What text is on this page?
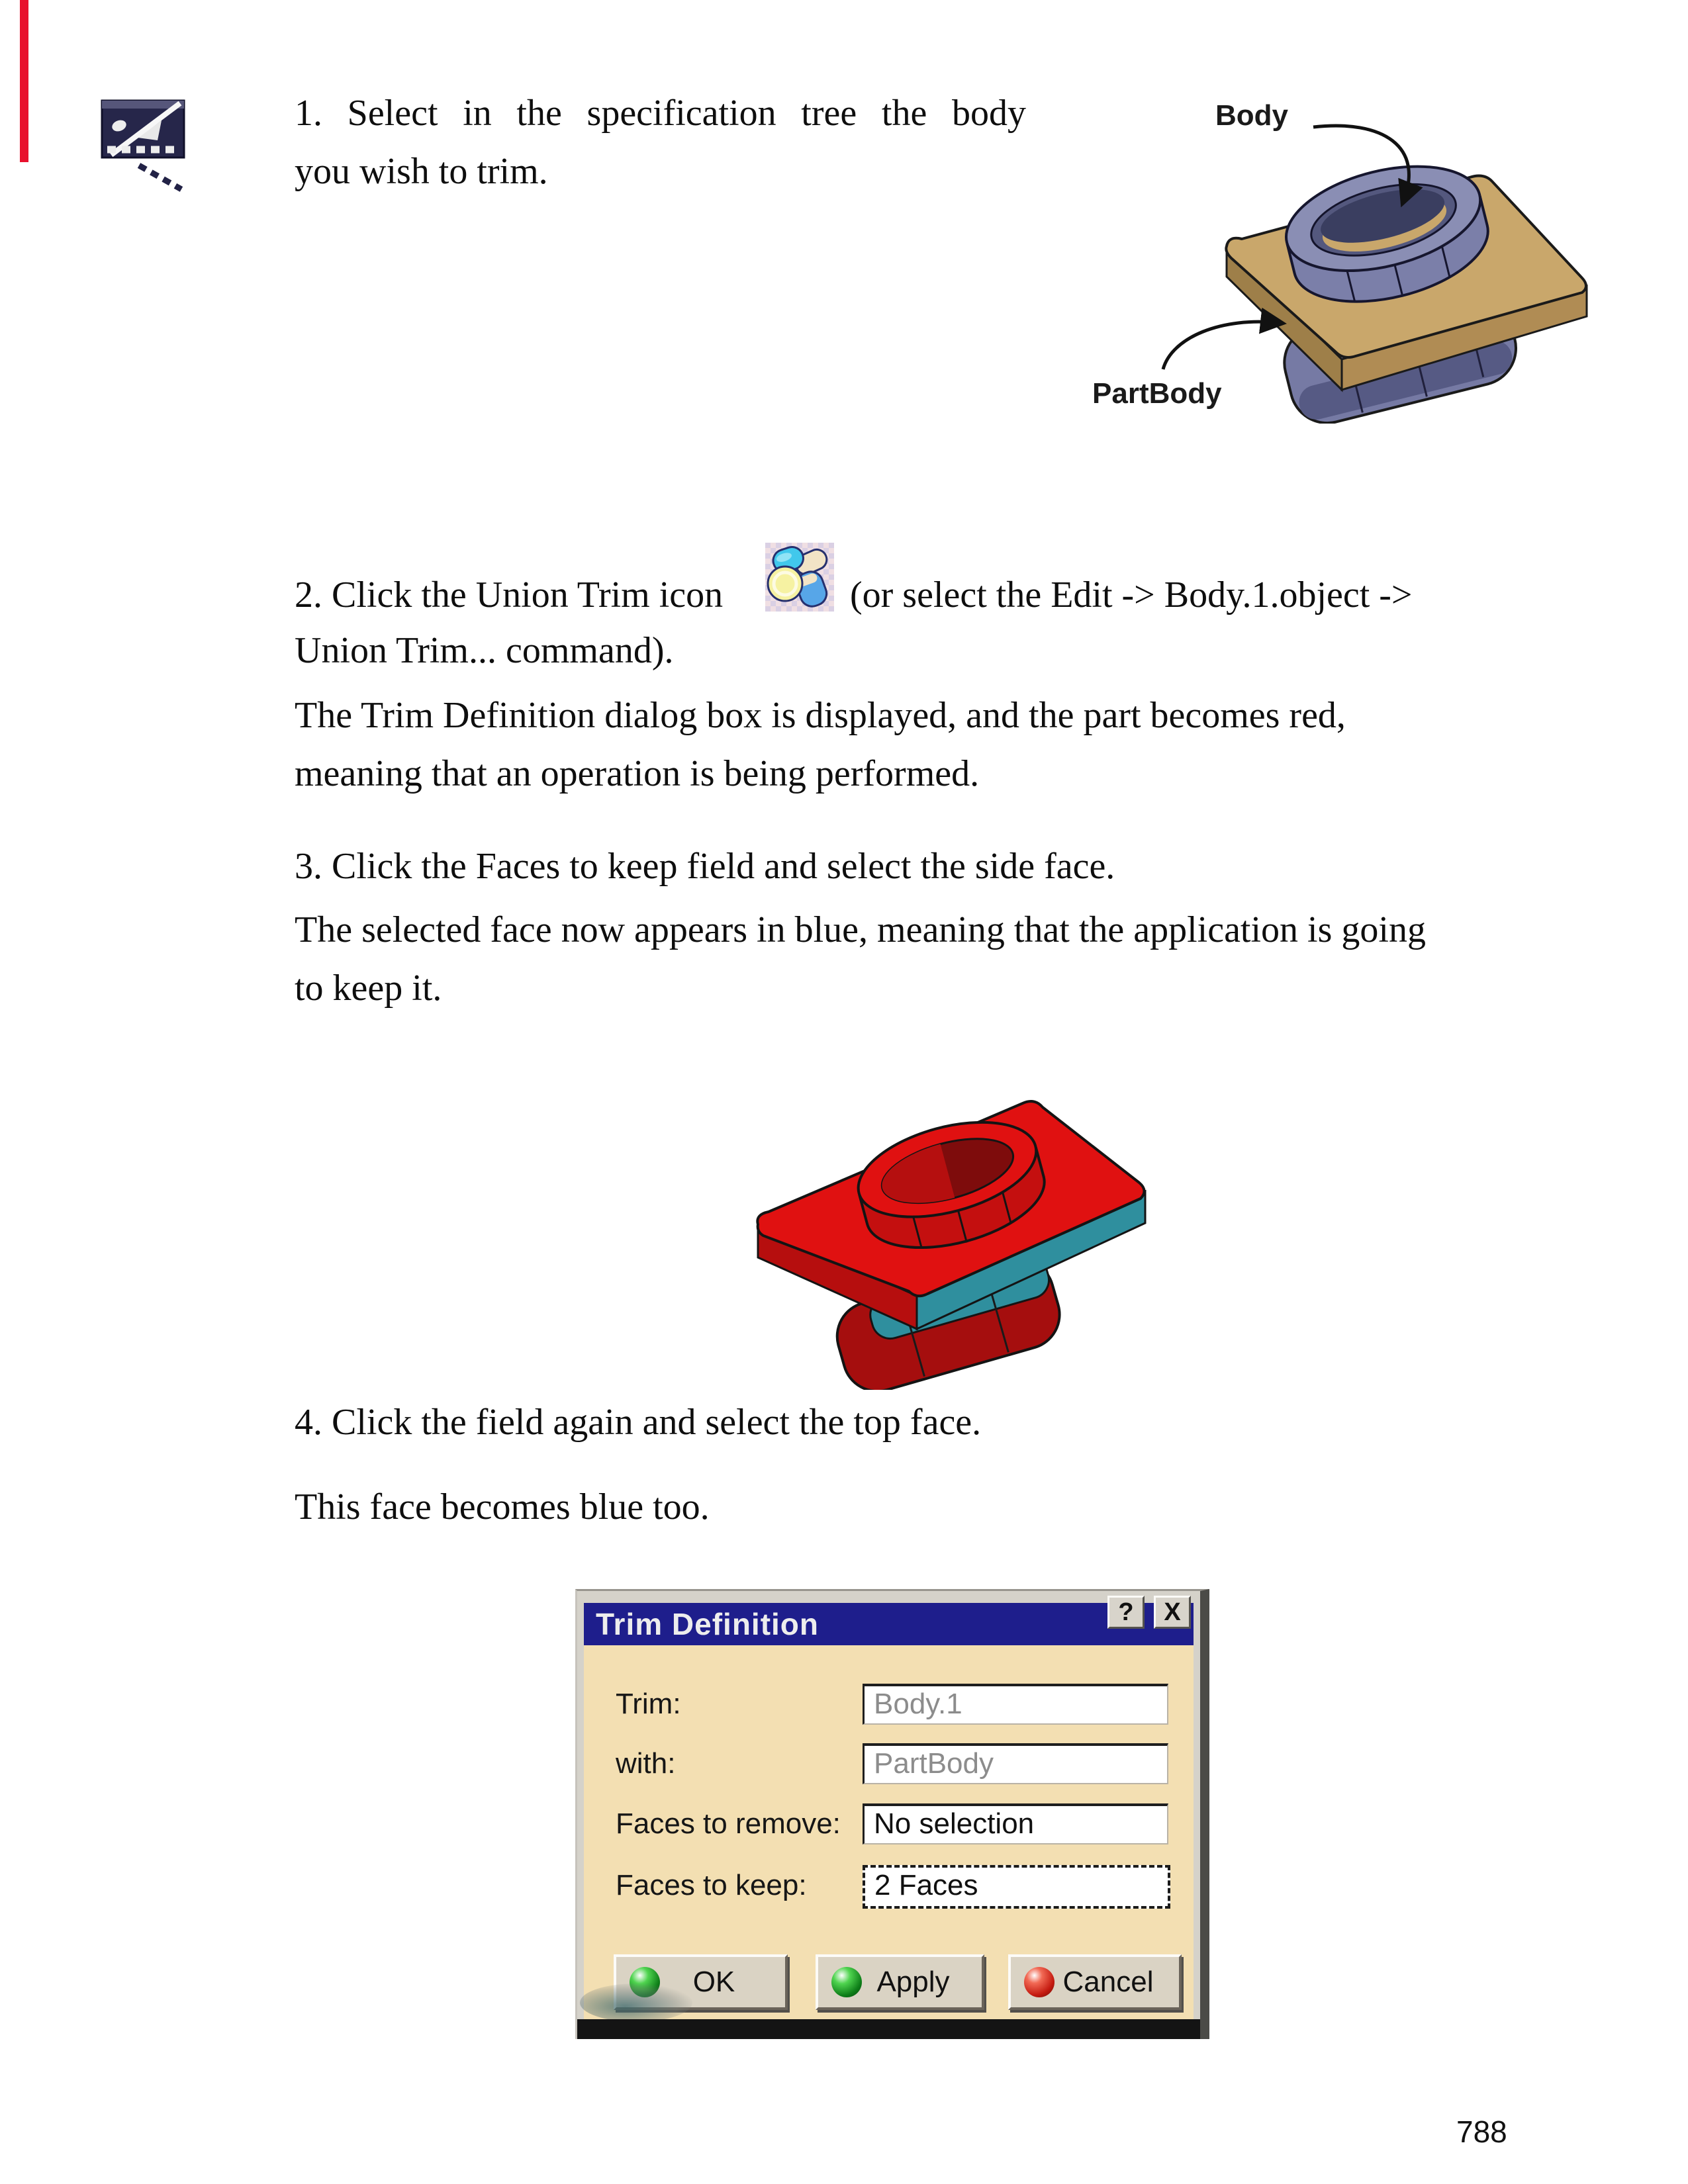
1. Select in the specification tree the body
you wish to trim.
Body
PartBody
2. Click the Union Trim icon	(or select the Edit -> Body.1.object ->
Union Trim... command).
The Trim Definition dialog box is displayed, and the part becomes red,
meaning that an operation is being performed.
3. Click the Faces to keep field and select the side face.
The selected face now appears in blue, meaning that the application is going
to keep it.
4. Click the field again and select the top face.
This face becomes blue too.
Trim Definition	?	X
Trim:	Body.1
with:	PartBody
Faces to remove:	No selection
Faces to keep:	2 Faces
OK	Apply	Cancel
788
